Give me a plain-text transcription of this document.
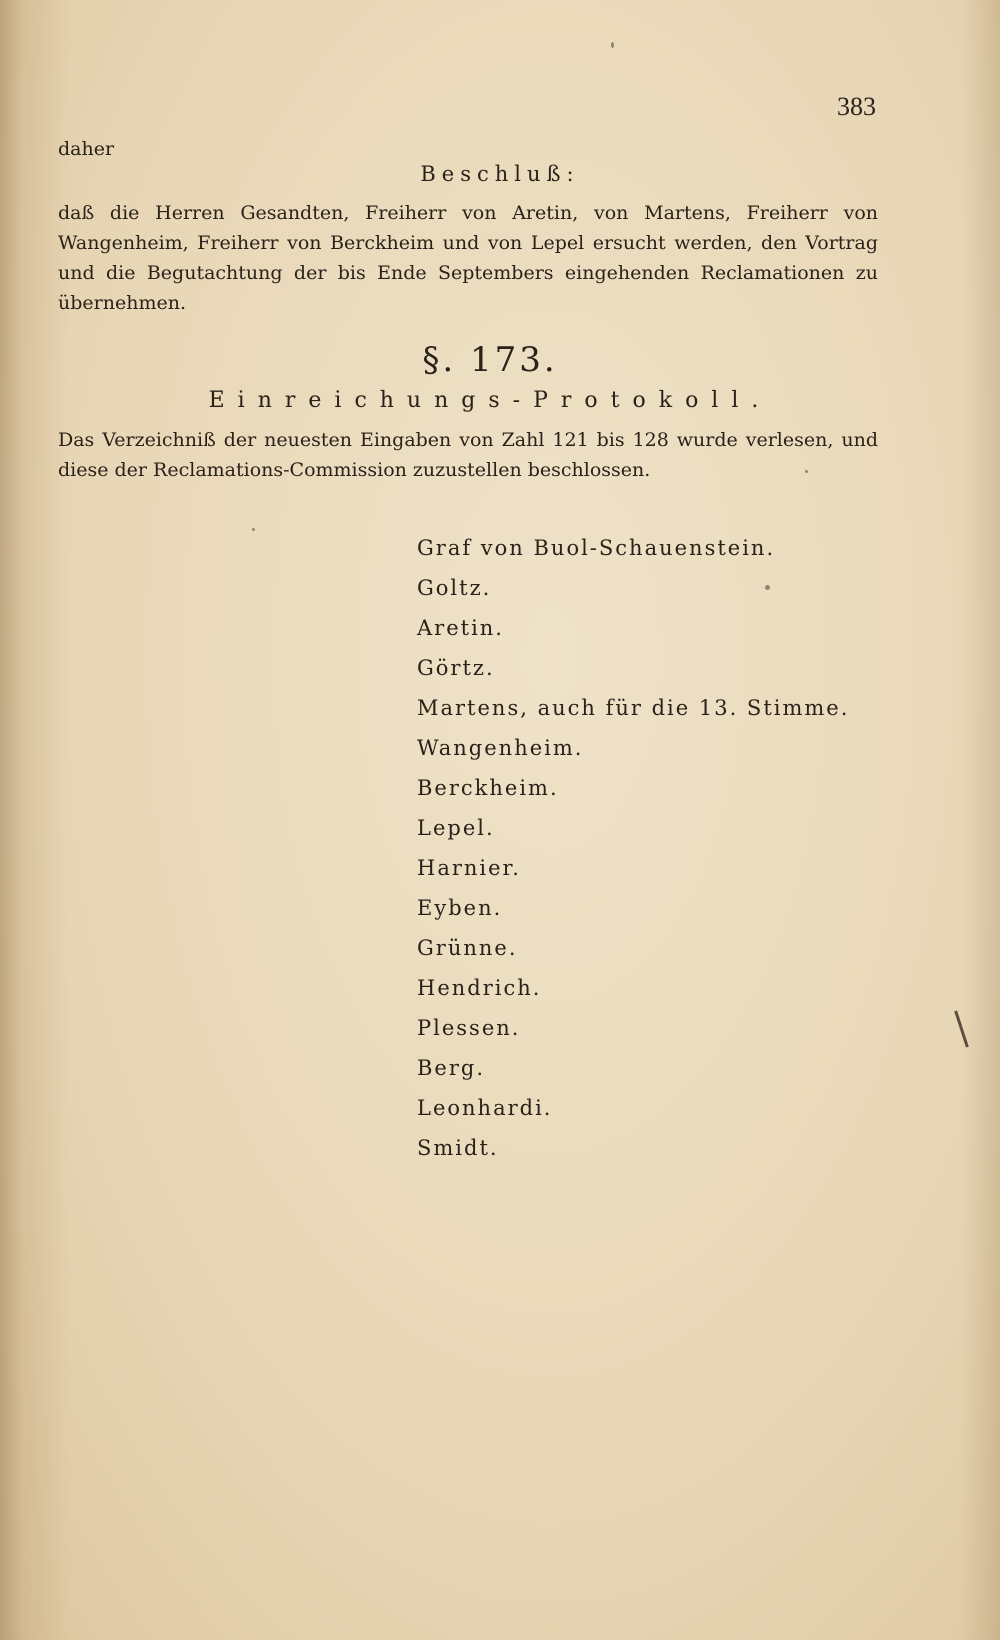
383
daher
Beschluß:
daß die Herren Gesandten, Freiherr von Aretin, von Martens, Freiherr von Wangenheim, Freiherr von Berckheim und von Lepel ersucht werden, den Vortrag und die Begutachtung der bis Ende Septembers eingehenden Reclamationen zu übernehmen.
§. 173.
Einreichungs-Protokoll.
Das Verzeichniß der neuesten Eingaben von Zahl 121 bis 128 wurde verlesen, und diese der Reclamations-Commission zuzustellen beschlossen.
Graf von Buol-Schauenstein.
Goltz.
Aretin.
Görtz.
Martens, auch für die 13. Stimme.
Wangenheim.
Berckheim.
Lepel.
Harnier.
Eyben.
Grünne.
Hendrich.
Plessen.
Berg.
Leonhardi.
Smidt.
